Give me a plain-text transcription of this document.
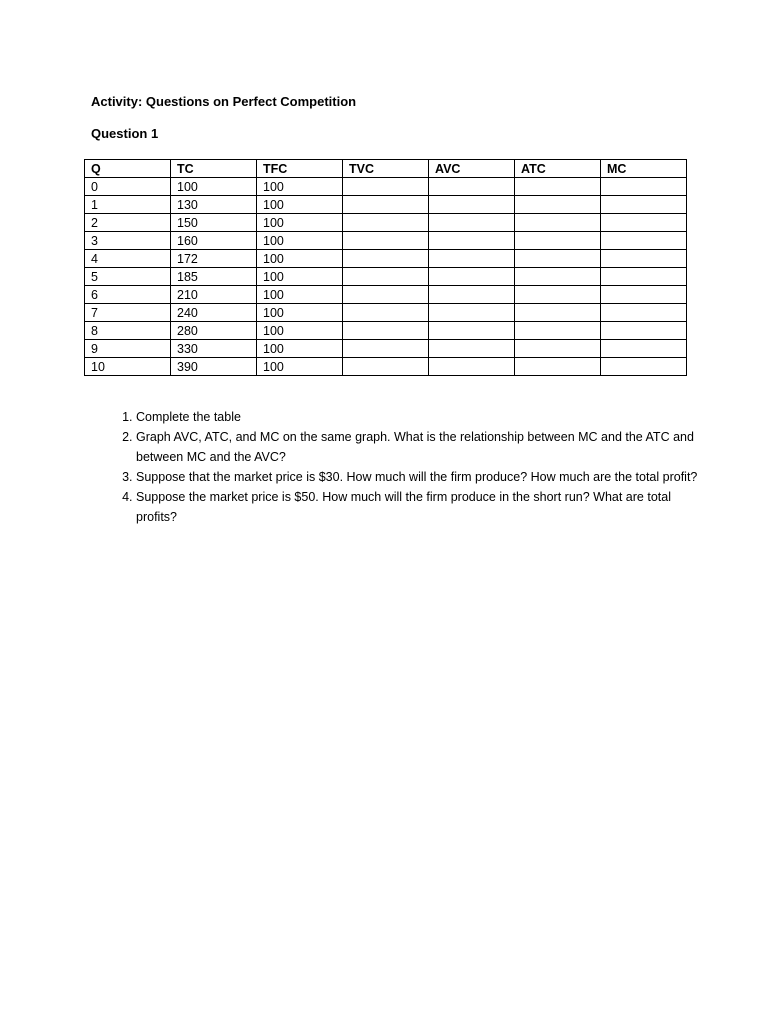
Activity: Questions on Perfect Competition
Question 1
Q	TC	TFC	TVC	AVC	ATC	MC
0	100	100				
1	130	100				
2	150	100				
3	160	100				
4	172	100				
5	185	100				
6	210	100				
7	240	100				
8	280	100				
9	330	100				
10	390	100				
1. Complete the table
2. Graph AVC, ATC, and MC on the same graph. What is the relationship between MC and the ATC and between MC and the AVC?
3. Suppose that the market price is $30. How much will the firm produce? How much are the total profit?
4. Suppose the market price is $50. How much will the firm produce in the short run? What are total profits?
